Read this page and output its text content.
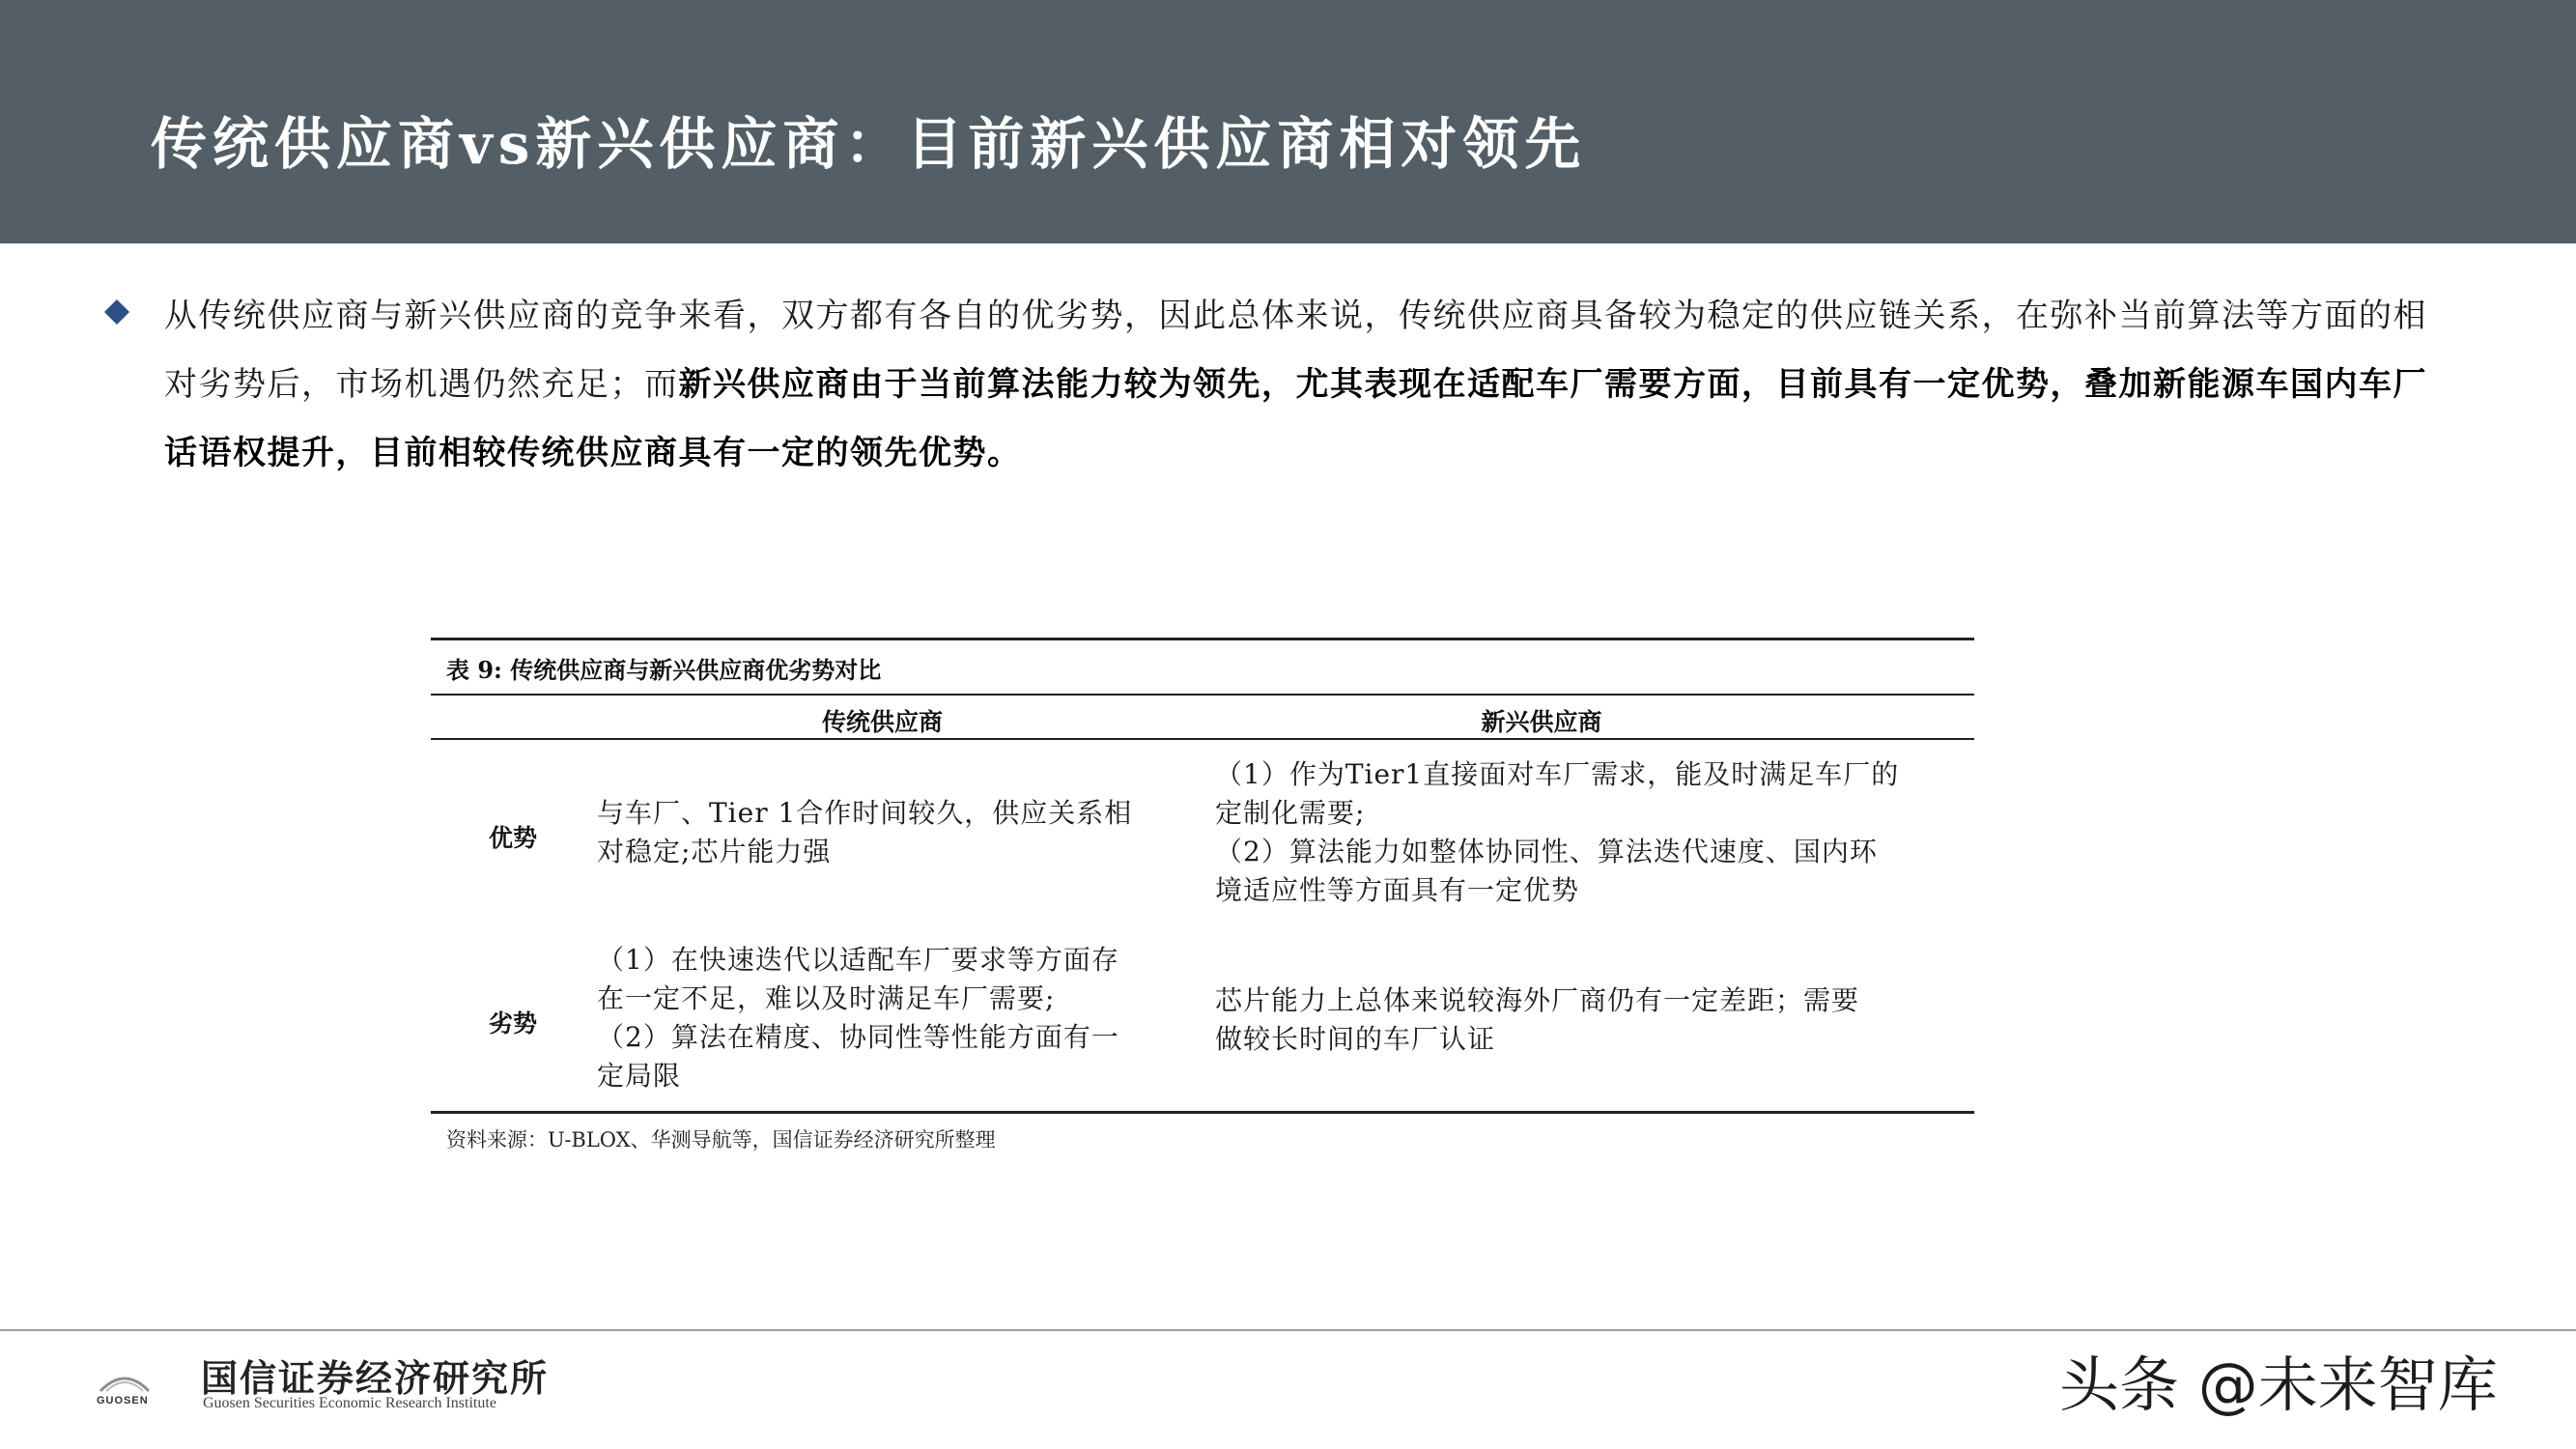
传统供应商vs新兴供应商：目前新兴供应商相对领先
从传统供应商与新兴供应商的竞争来看，双方都有各自的优劣势，因此总体来说，传统供应商具备较为稳定的供应链关系，在弥补当前算法等方面的相对劣势后，市场机遇仍然充足；而新兴供应商由于当前算法能力较为领先，尤其表现在适配车厂需要方面，目前具有一定优势，叠加新能源车国内车厂话语权提升，目前相较传统供应商具有一定的领先优势。
表 9: 传统供应商与新兴供应商优劣势对比
传统供应商	新兴供应商
优势
与车厂、Tier 1合作时间较久，供应关系相
对稳定;芯片能力强
（1）作为Tier1直接面对车厂需求，能及时满足车厂的
定制化需要;
（2）算法能力如整体协同性、算法迭代速度、国内环
境适应性等方面具有一定优势
劣势
（1）在快速迭代以适配车厂要求等方面存
在一定不足，难以及时满足车厂需要;
（2）算法在精度、协同性等性能方面有一
定局限
芯片能力上总体来说较海外厂商仍有一定差距；需要
做较长时间的车厂认证
资料来源：U-BLOX、华测导航等，国信证券经济研究所整理
GUOSEN
国信证券经济研究所
Guosen Securities Economic Research Institute	头条 @未来智库
